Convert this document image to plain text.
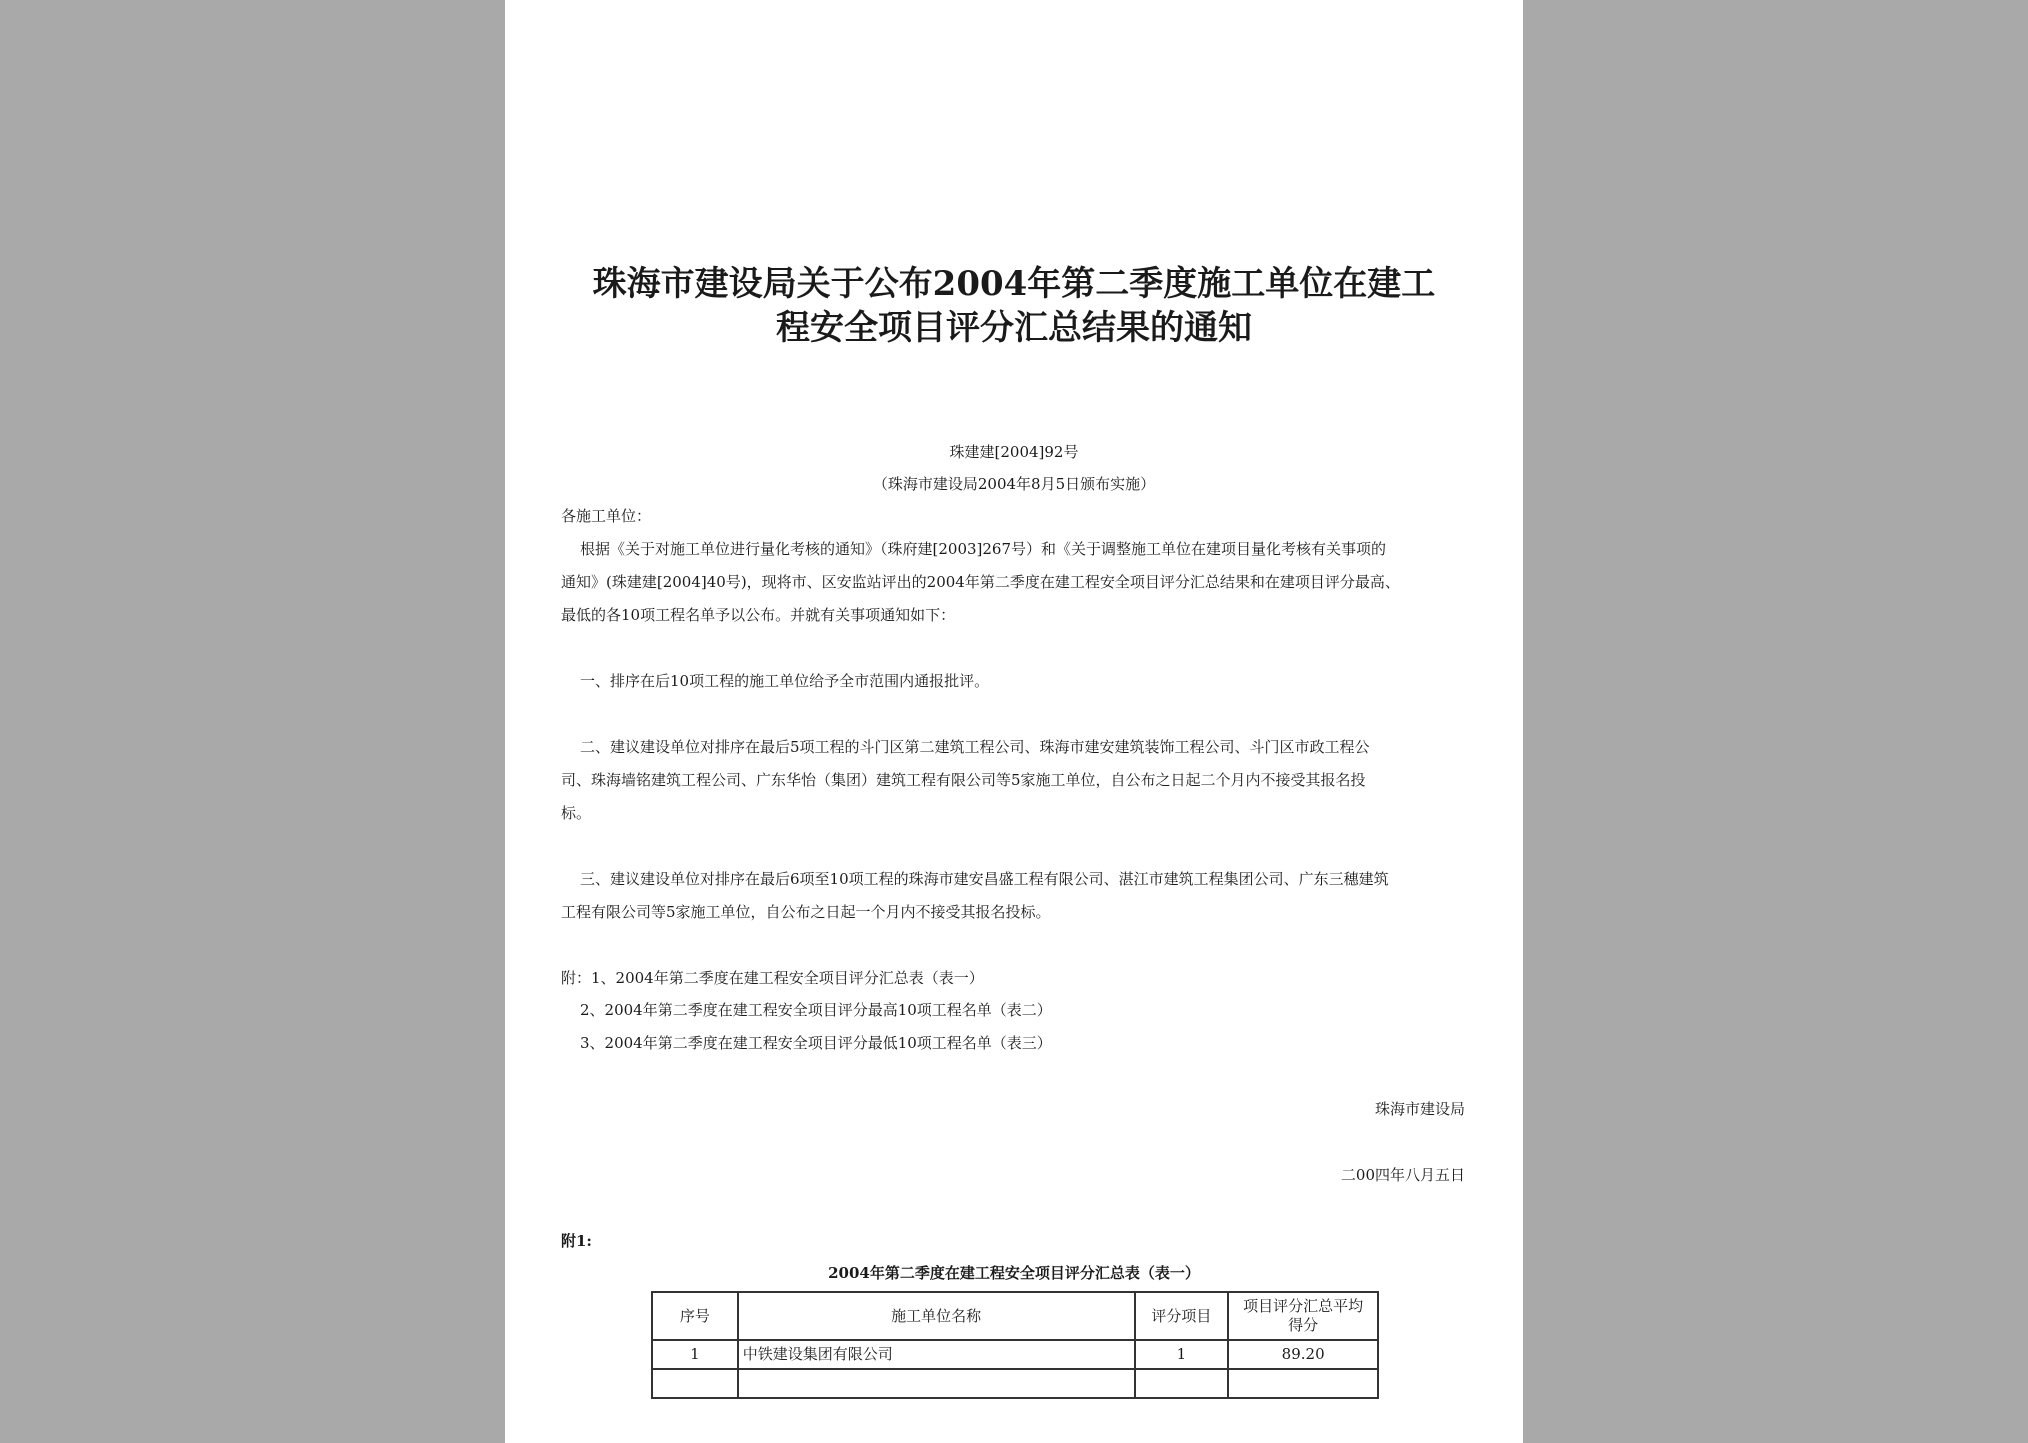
珠海市建设局关于公布2004年第二季度施工单位在建工
程安全项目评分汇总结果的通知
珠建建[2004]92号
（珠海市建设局2004年8月5日颁布实施）
各施工单位：
根据《关于对施工单位进行量化考核的通知》（珠府建[2003]267号）和《关于调整施工单位在建项目量化考核有关事项的
通知》(珠建建[2004]40号)，现将市、区安监站评出的2004年第二季度在建工程安全项目评分汇总结果和在建项目评分最高、
最低的各10项工程名单予以公布。并就有关事项通知如下：
一、排序在后10项工程的施工单位给予全市范围内通报批评。
二、建议建设单位对排序在最后5项工程的斗门区第二建筑工程公司、珠海市建安建筑装饰工程公司、斗门区市政工程公
司、珠海墙铭建筑工程公司、广东华怡（集团）建筑工程有限公司等5家施工单位，自公布之日起二个月内不接受其报名投
标。
三、建议建设单位对排序在最后6项至10项工程的珠海市建安昌盛工程有限公司、湛江市建筑工程集团公司、广东三穗建筑
工程有限公司等5家施工单位，自公布之日起一个月内不接受其报名投标。
附：1、2004年第二季度在建工程安全项目评分汇总表（表一）
2、2004年第二季度在建工程安全项目评分最高10项工程名单（表二）
3、2004年第二季度在建工程安全项目评分最低10项工程名单（表三）
珠海市建设局
二00四年八月五日
附1:
2004年第二季度在建工程安全项目评分汇总表（表一）
序号	施工单位名称	评分项目	项目评分汇总平均
得分

1	中铁建设集团有限公司	1	89.20
